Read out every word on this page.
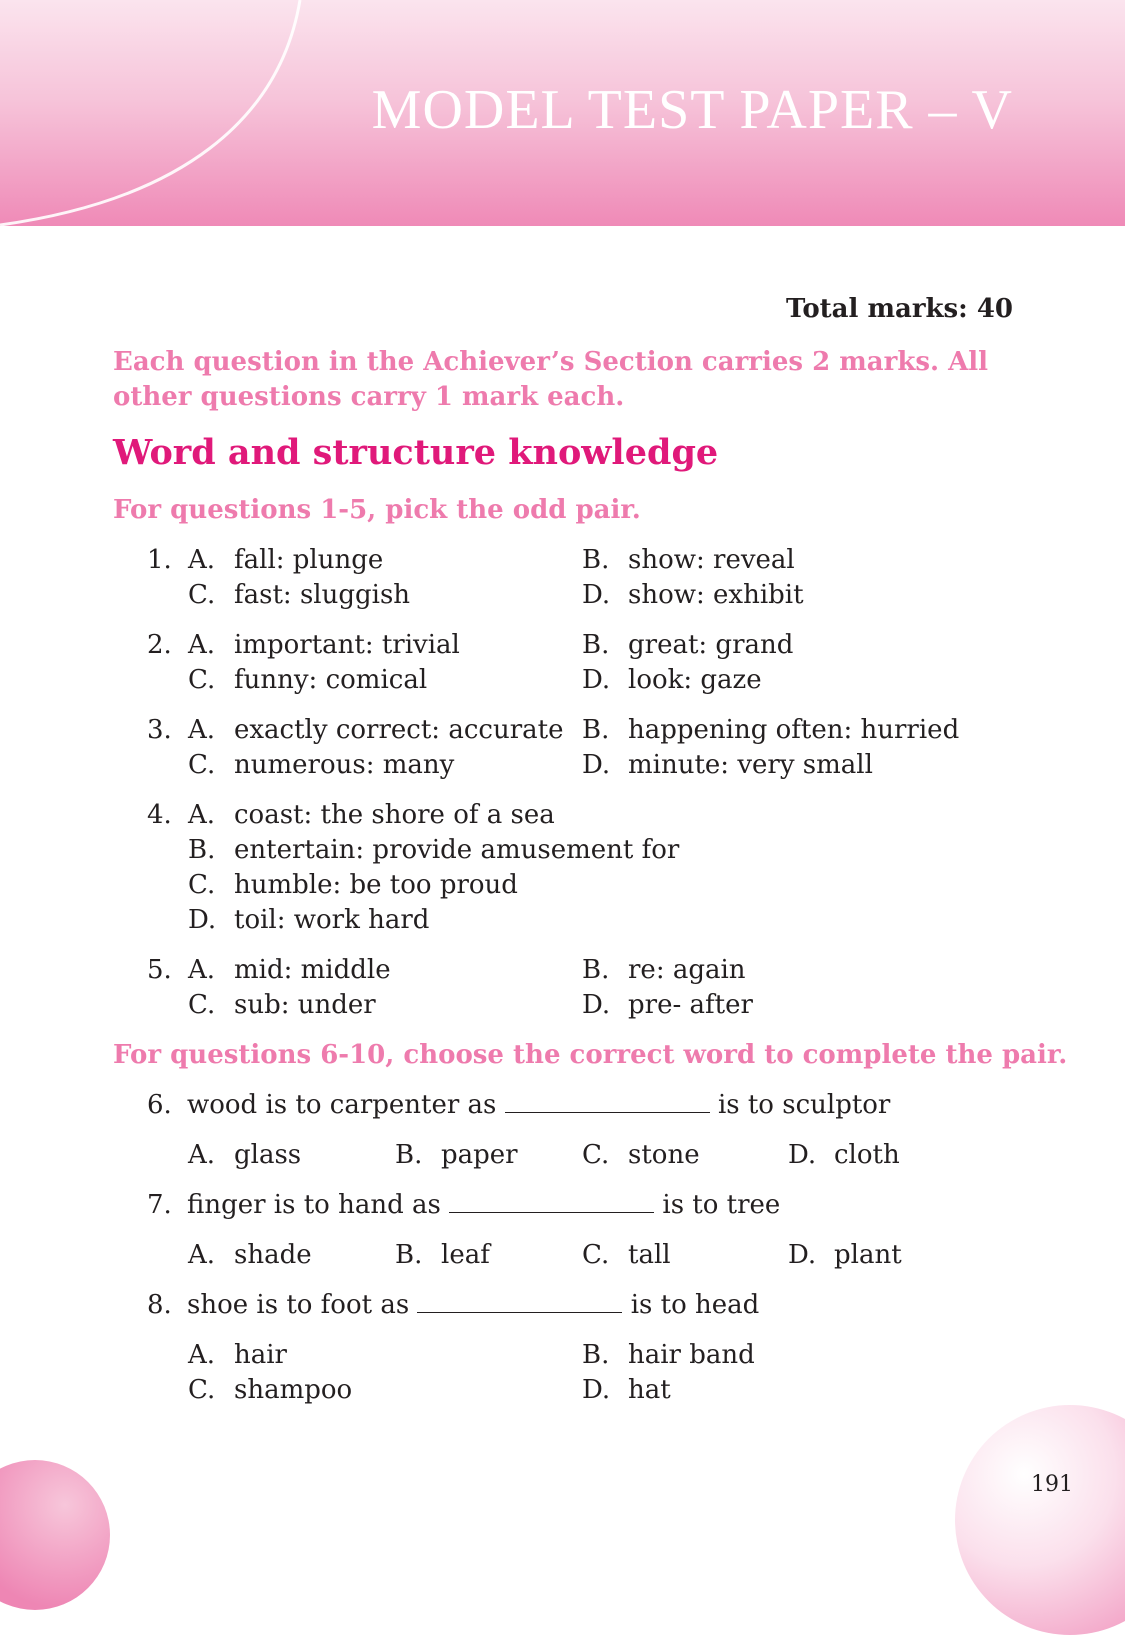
MODEL TEST PAPER – V
Total marks: 40
Each question in the Achiever’s Section carries 2 marks. All other questions carry 1 mark each.
Word and structure knowledge
For questions 1-5, pick the odd pair.
1. A. fall: plunge	B. show: reveal
C. fast: sluggish	D. show: exhibit
2. A. important: trivial	B. great: grand
C. funny: comical	D. look: gaze
3. A. exactly correct: accurate B. happening often: hurried
C. numerous: many	D. minute: very small
4. A. coast: the shore of a sea
B. entertain: provide amusement for
C. humble: be too proud
D. toil: work hard
5. A. mid: middle	B. re: again
C. sub: under	D. pre- after
For questions 6-10, choose the correct word to complete the pair.
6. wood is to carpenter as	is to sculptor
A. glass	B. paper C. stone	D. cloth
7. finger is to hand as	is to tree
A. shade	B. leaf	C. tall	D. plant
8. shoe is to foot as	is to head
A. hair	B. hair band
C. shampoo	D. hat
191
